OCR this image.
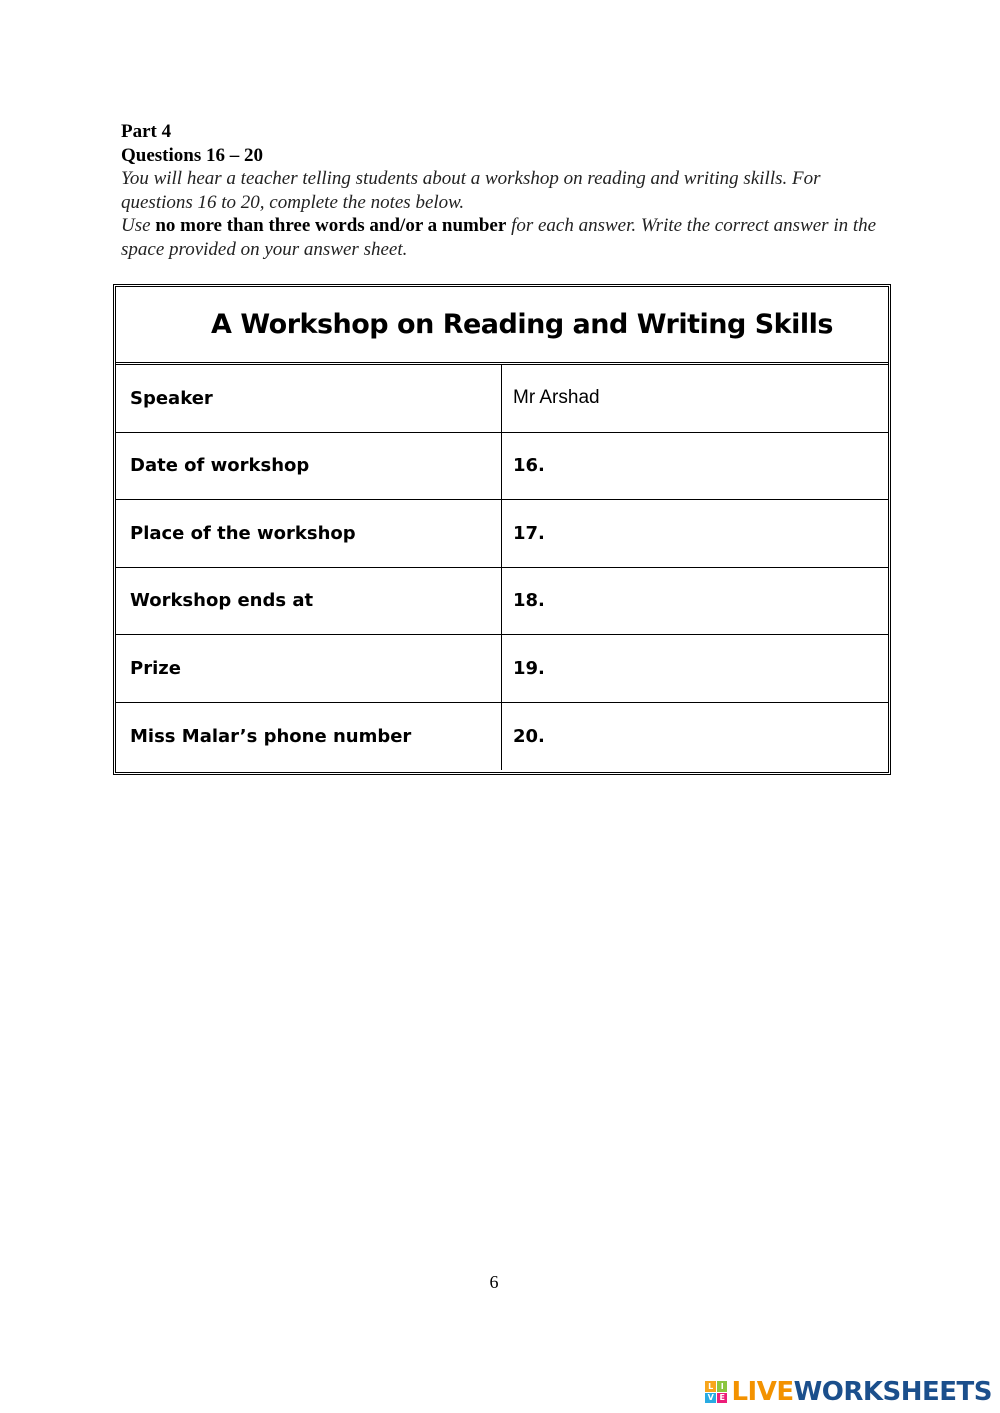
Part 4
Questions 16 – 20
You will hear a teacher telling students about a workshop on reading and writing skills. For questions 16 to 20, complete the notes below.
Use no more than three words and/or a number for each answer. Write the correct answer in the space provided on your answer sheet.
A Workshop on Reading and Writing Skills
Speaker	Mr Arshad
Date of workshop	16.
Place of the workshop	17.
Workshop ends at	18.
Prize	19.
Miss Malar’s phone number	20.
6
L I
V E LIVEWORKSHEETS
